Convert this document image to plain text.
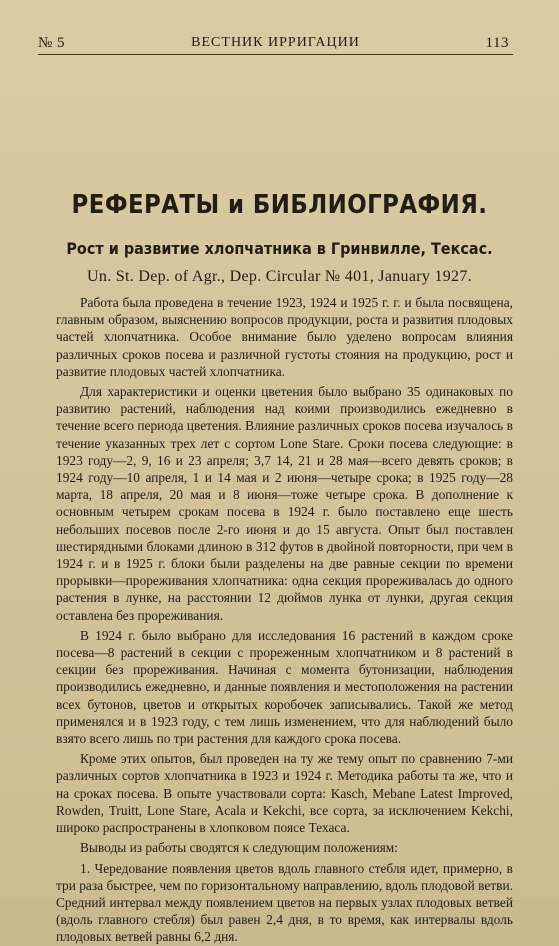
№ 5	ВЕСТНИК ИРРИГАЦИИ	113
РЕФЕРАТЫ и БИБЛИОГРАФИЯ.
Рост и развитие хлопчатника в Гринвилле, Тексас.
Un. St. Dep. of Agr., Dep. Circular № 401, January 1927.

Работа была проведена в течение 1923, 1924 и 1925 г. г. и была посвящена, главным образом, выяснению вопросов продукции, роста и развития плодовых частей хлопчатника. Особое внимание было уделено вопросам влияния различных сроков посева и различной густоты стояния на продукцию, рост и развитие плодовых частей хлопчатника.

Для характеристики и оценки цветения было выбрано 35 одинаковых по развитию растений, наблюдения над коими производились ежедневно в течение всего периода цветения. Влияние различных сроков посева изучалось в течение указанных трех лет с сортом Lone Stare. Сроки посева следующие: в 1923 году—2, 9, 16 и 23 апреля; 3,7 14, 21 и 28 мая—всего девять сроков; в 1924 году—10 апреля, 1 и 14 мая и 2 июня—четыре срока; в 1925 году—28 марта, 18 апреля, 20 мая и 8 июня—тоже четыре срока. В дополнение к основным четырем срокам посева в 1924 г. было поставлено еще шесть небольших посевов после 2-го июня и до 15 августа. Опыт был поставлен шестирядными блоками длиною в 312 футов в двойной повторности, при чем в 1924 г. и в 1925 г. блоки были разделены на две равные секции по времени прорывки—прореживания хлопчатника: одна секция прореживалась до одного растения в лунке, на расстоянии 12 дюймов лунка от лунки, другая секция оставлена без прореживания.

В 1924 г. было выбрано для исследования 16 растений в каждом сроке посева—8 растений в секции с прореженным хлопчатником и 8 растений в секции без прореживания. Начиная с момента бутонизации, наблюдения производились ежедневно, и данные появления и местоположения на растении всех бутонов, цветов и открытых коробочек записывались. Такой же метод применялся и в 1923 году, с тем лишь изменением, что для наблюдений было взято всего лишь по три растения для каждого срока посева.

Кроме этих опытов, был проведен на ту же тему опыт по сравнению 7-ми различных сортов хлопчатника в 1923 и 1924 г. Методика работы та же, что и на сроках посева. В опыте участвовали сорта: Kasch, Mebane Latest Improved, Rowden, Truitt, Lone Stare, Acala и Kekchi, все сорта, за исключением Kekchi, широко распространены в хлопковом поясе Техаса.

Выводы из работы сводятся к следующим положениям:

1. Чередование появления цветов вдоль главного стебля идет, примерно, в три раза быстрее, чем по горизонтальному направлению, вдоль плодовой ветви. Средний интервал между появлением цветов на первых узлах плодовых ветвей (вдоль главного стебля) был равен 2,4 дня, в то время, как интервалы вдоль плодовых ветвей равны 6,2 дня.
